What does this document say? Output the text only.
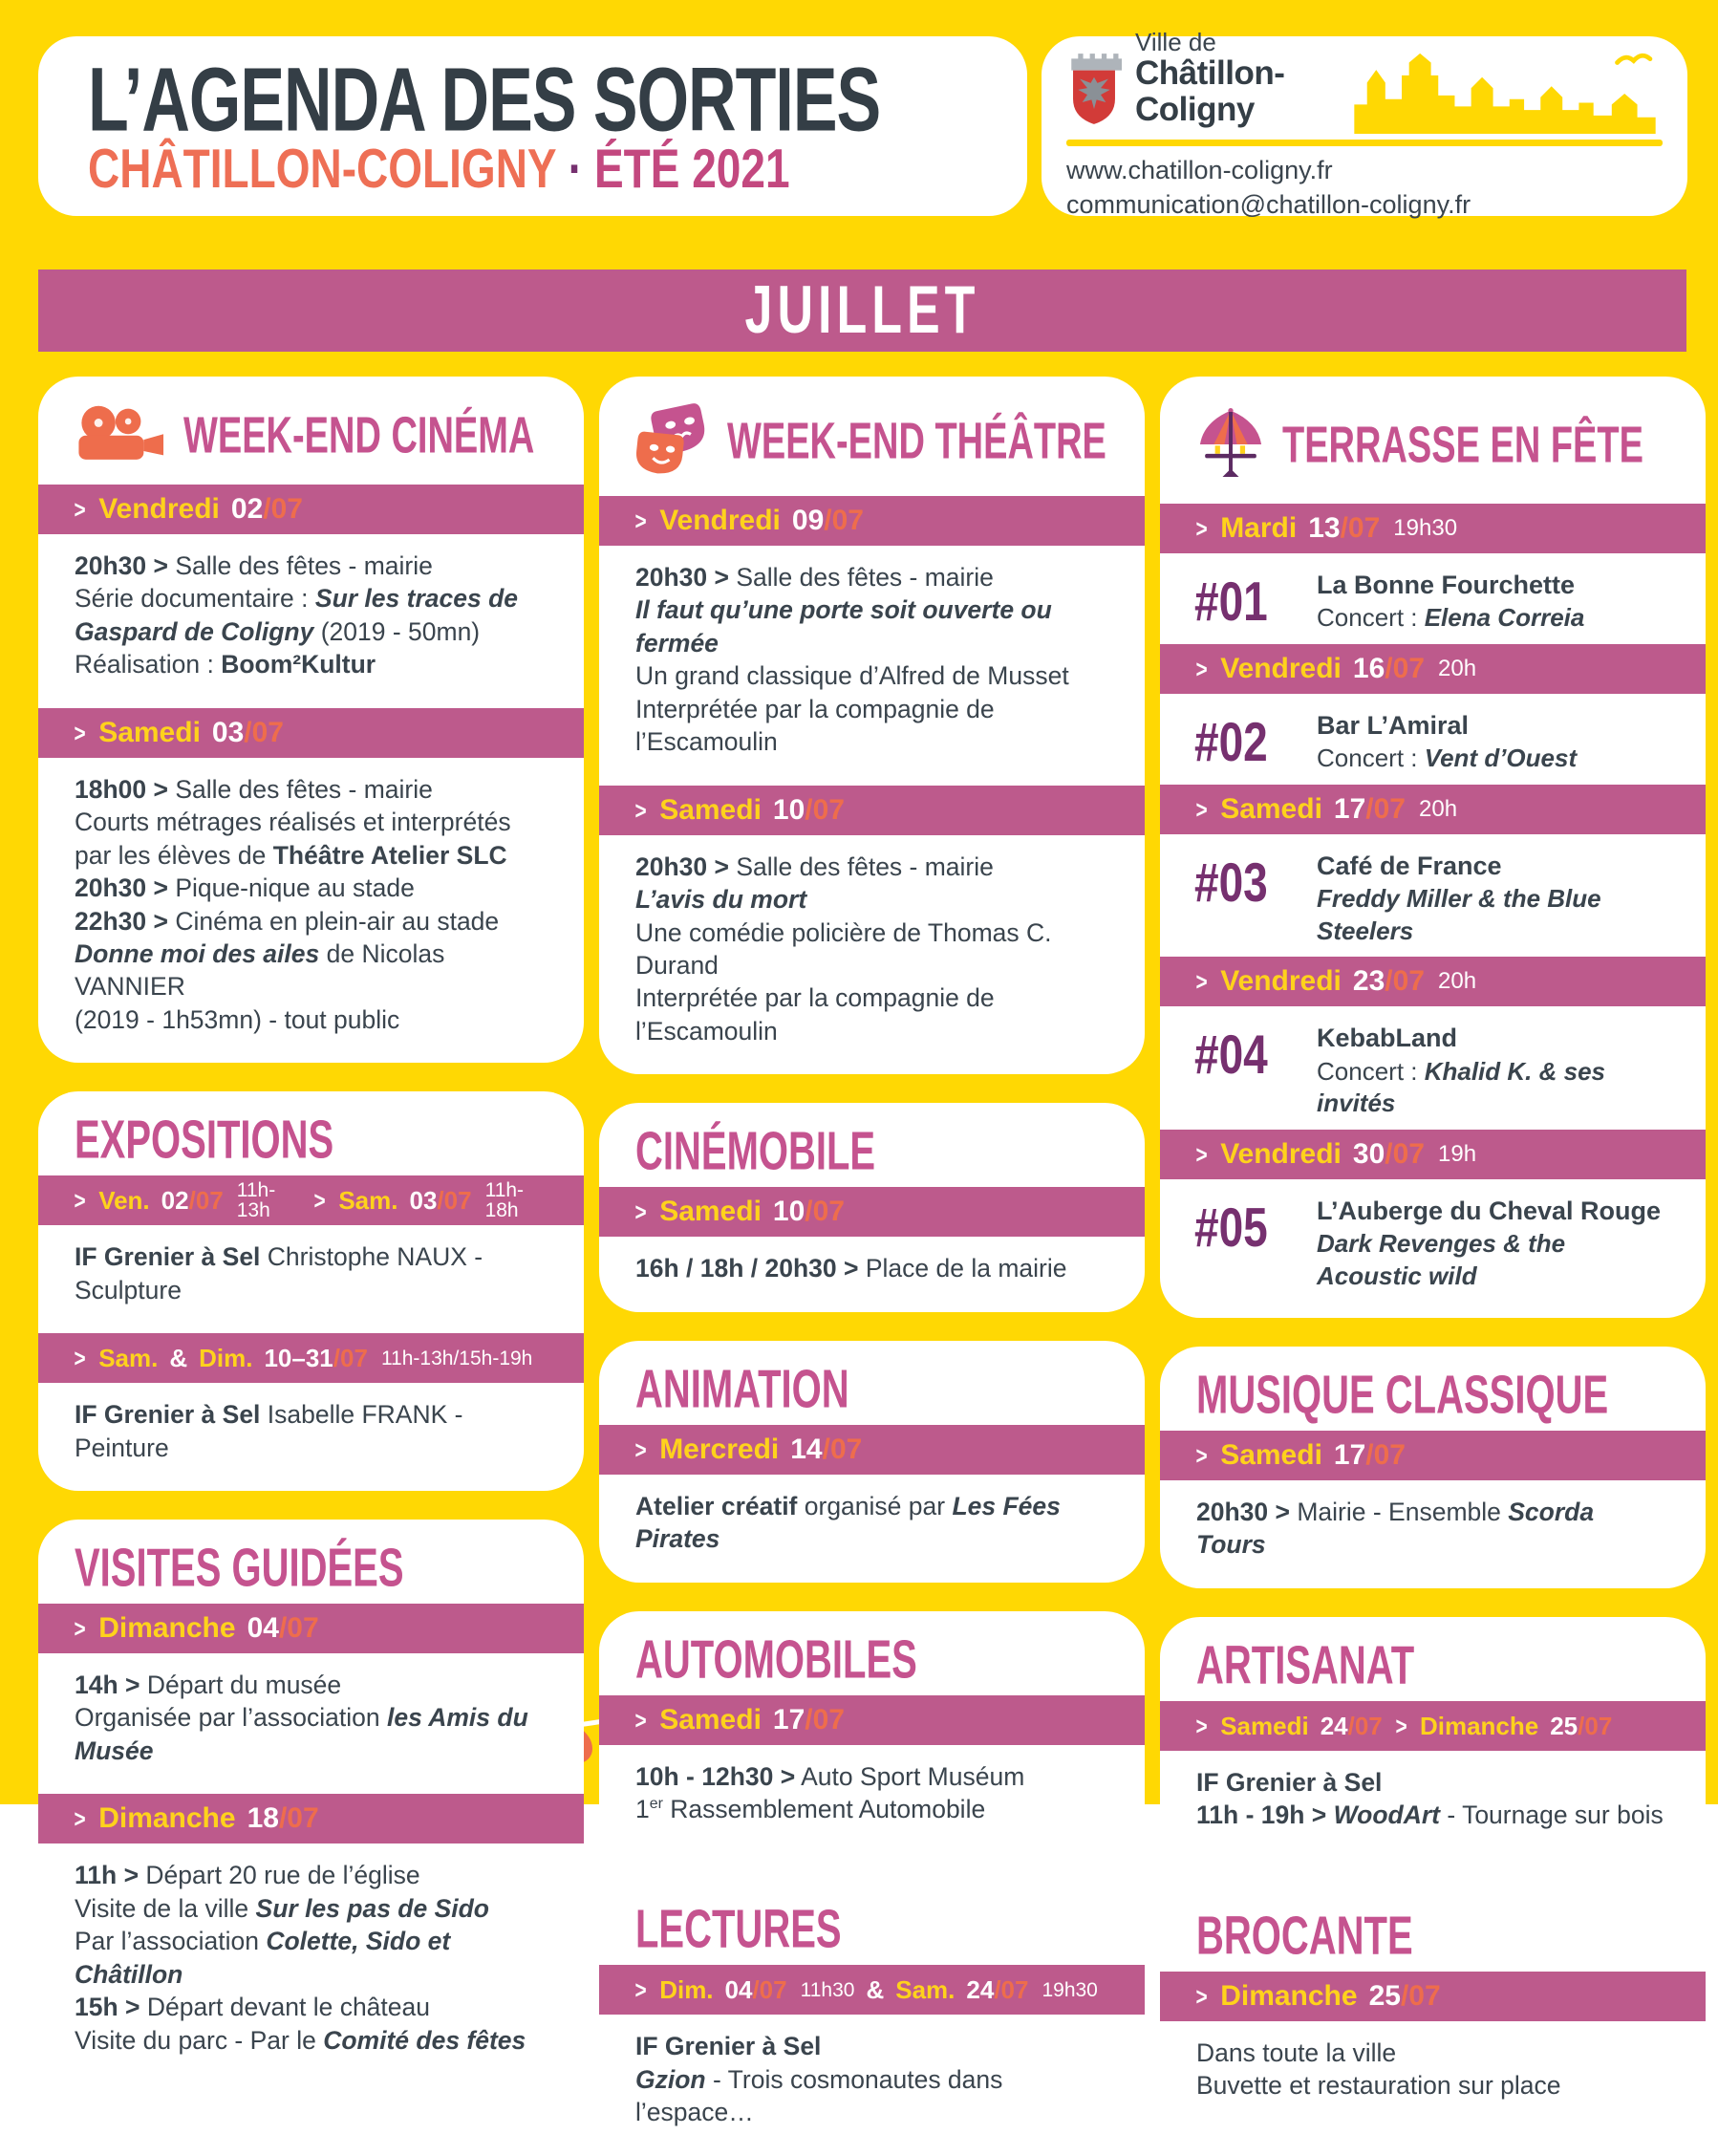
L’AGENDA DES SORTIES
CHÂTILLON-COLIGNY · ÉTÉ 2021
Ville de
Châtillon-Coligny
www.chatillon-coligny.fr
communication@chatillon-coligny.fr
JUILLET
WEEK-END CINÉMA
> Vendredi 02 /07
20h30 > Salle des fêtes - mairie
Série documentaire : Sur les traces de
Gaspard de Coligny (2019 - 50mn)
Réalisation : Boom²Kultur
> Samedi 03 /07
18h00 > Salle des fêtes - mairie
Courts métrages réalisés et interprétés
par les élèves de Théâtre Atelier SLC
20h30 > Pique-nique au stade
22h30 > Cinéma en plein-air au stade
Donne moi des ailes de Nicolas VANNIER
(2019 - 1h53mn) - tout public
EXPOSITIONS
> Ven. 02 /07 11h-13h	> Sam. 03 /07 11h-18h
IF Grenier à Sel Christophe NAUX - Sculpture
> Sam. & Dim. 10–31 /07 11h-13h/15h-19h
IF Grenier à Sel Isabelle FRANK - Peinture
VISITES GUIDÉES
> Dimanche 04 /07
14h > Départ du musée
Organisée par l’association les Amis du Musée
> Dimanche 18 /07
11h > Départ 20 rue de l’église
Visite de la ville Sur les pas de Sido
Par l’association Colette, Sido et Châtillon
15h > Départ devant le château
Visite du parc - Par le Comité des fêtes
WEEK-END THÉÂTRE
> Vendredi 09 /07
20h30 > Salle des fêtes - mairie
Il faut qu’une porte soit ouverte ou fermée
Un grand classique d’Alfred de Musset
Interprétée par la compagnie de l’Escamoulin
> Samedi 10 /07
20h30 > Salle des fêtes - mairie
L’avis du mort
Une comédie policière de Thomas C. Durand
Interprétée par la compagnie de l’Escamoulin
CINÉMOBILE
> Samedi 10 /07
16h / 18h / 20h30 > Place de la mairie
ANIMATION
> Mercredi 14 /07
Atelier créatif organisé par Les Fées Pirates
AUTOMOBILES
> Samedi 17 /07
10h - 12h30 > Auto Sport Muséum
1er Rassemblement Automobile
LECTURES
> Dim. 04 /07 11h30 & Sam. 24 /07 19h30
IF Grenier à Sel
Gzion - Trois cosmonautes dans l’espace…
TERRASSE EN FÊTE
> Mardi 13 /07 19h30
#01	La Bonne Fourchette
Concert : Elena Correia
> Vendredi 16 /07 20h
#02	Bar L’Amiral
Concert : Vent d’Ouest
> Samedi 17 /07 20h
#03	Café de France
Freddy Miller & the Blue Steelers
> Vendredi 23 /07 20h
#04	KebabLand
Concert : Khalid K. & ses invités
> Vendredi 30 /07 19h
#05	L’Auberge du Cheval Rouge
Dark Revenges & the Acoustic wild
MUSIQUE CLASSIQUE
> Samedi 17 /07
20h30 > Mairie - Ensemble Scorda Tours
ARTISANAT
> Samedi 24 /07 > Dimanche 25 /07
IF Grenier à Sel
11h - 19h > WoodArt - Tournage sur bois
BROCANTE
> Dimanche 25 /07
Dans toute la ville
Buvette et restauration sur place
